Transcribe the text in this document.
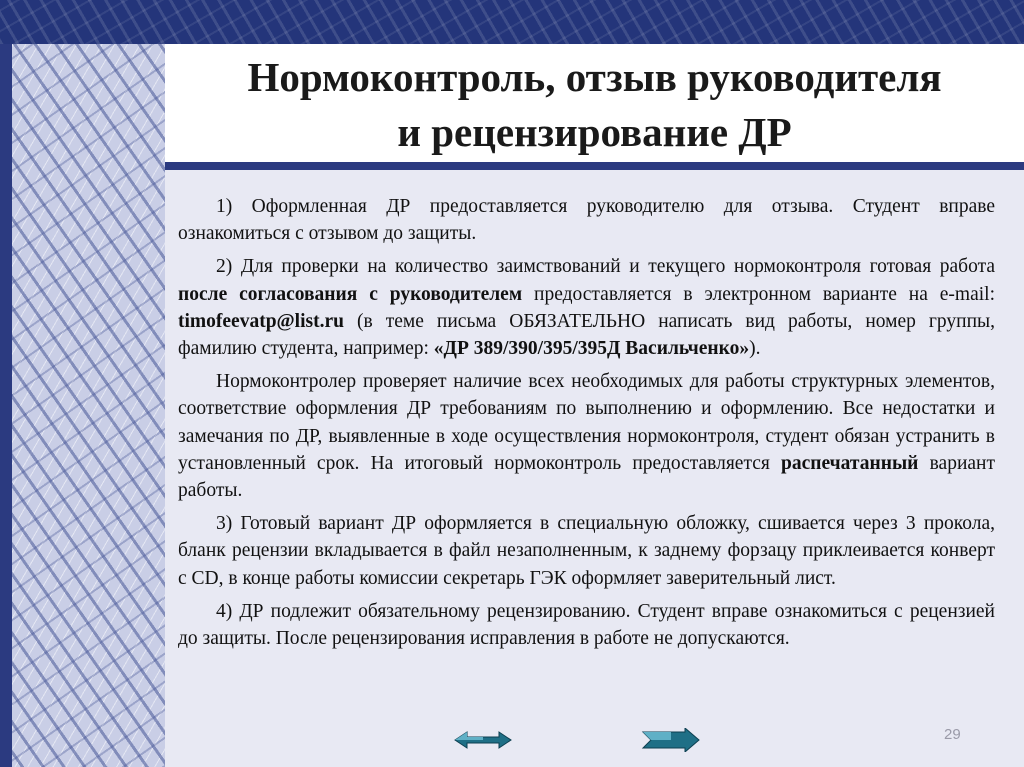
Нормоконтроль, отзыв руководителя
и рецензирование ДР

1) Оформленная ДР предоставляется руководителю для отзыва. Студент вправе ознакомиться с отзывом до защиты.

2) Для проверки на количество заимствований и текущего нормоконтроля готовая работа после согласования с руководителем предоставляется в электронном варианте на e-mail: timofeevatp@list.ru (в теме письма ОБЯЗАТЕЛЬНО написать вид работы, номер группы, фамилию студента, например: «ДР 389/390/395/395Д Васильченко»).

Нормоконтролер проверяет наличие всех необходимых для работы структурных элементов, соответствие оформления ДР требованиям по выполнению и оформлению. Все недостатки и замечания по ДР, выявленные в ходе осуществления нормоконтроля, студент обязан устранить в установленный срок. На итоговый нормоконтроль предоставляется распечатанный вариант работы.

3) Готовый вариант ДР оформляется в специальную обложку, сшивается через 3 прокола, бланк рецензии вкладывается в файл незаполненным, к заднему форзацу приклеивается конверт с CD, в конце работы комиссии секретарь ГЭК оформляет заверительный лист.

4) ДР подлежит обязательному рецензированию. Студент вправе ознакомиться с рецензией до защиты. После рецензирования исправления в работе не допускаются.

29
